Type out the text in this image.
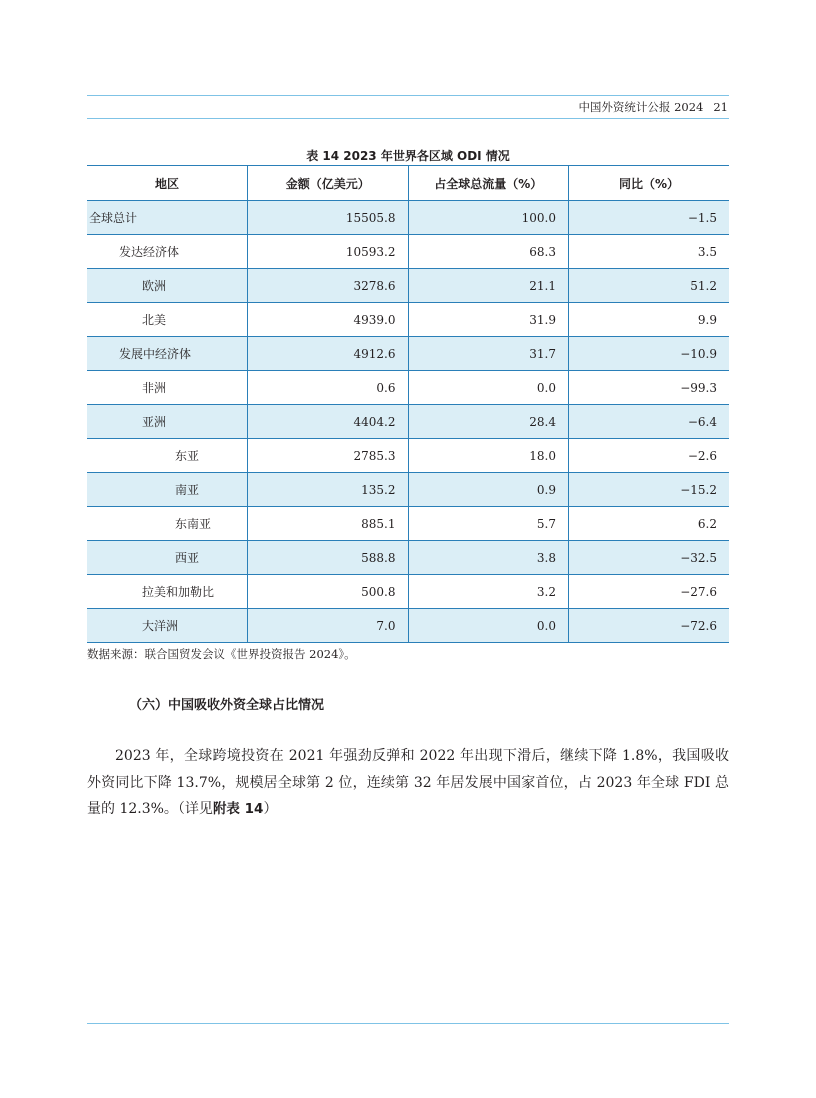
中国外资统计公报 2024 21
表 14 2023 年世界各区域 ODI 情况
地区	金额（亿美元）	占全球总流量（%）	同比（%）
全球总计	15505.8	100.0	−1.5
发达经济体	10593.2	68.3	3.5
欧洲	3278.6	21.1	51.2
北美	4939.0	31.9	9.9
发展中经济体	4912.6	31.7	−10.9
非洲	0.6	0.0	−99.3
亚洲	4404.2	28.4	−6.4
东亚	2785.3	18.0	−2.6
南亚	135.2	0.9	−15.2
东南亚	885.1	5.7	6.2
西亚	588.8	3.8	−32.5
拉美和加勒比	500.8	3.2	−27.6
大洋洲	7.0	0.0	−72.6
数据来源：联合国贸发会议《世界投资报告 2024》。
（六）中国吸收外资全球占比情况

2023 年，全球跨境投资在 2021 年强劲反弹和 2022 年出现下滑后，继续下降 1.8%，我国吸收外资同比下降 13.7%，规模居全球第 2 位，连续第 32 年居发展中国家首位，占 2023 年全球 FDI 总量的 12.3%。（详见附表 14）
